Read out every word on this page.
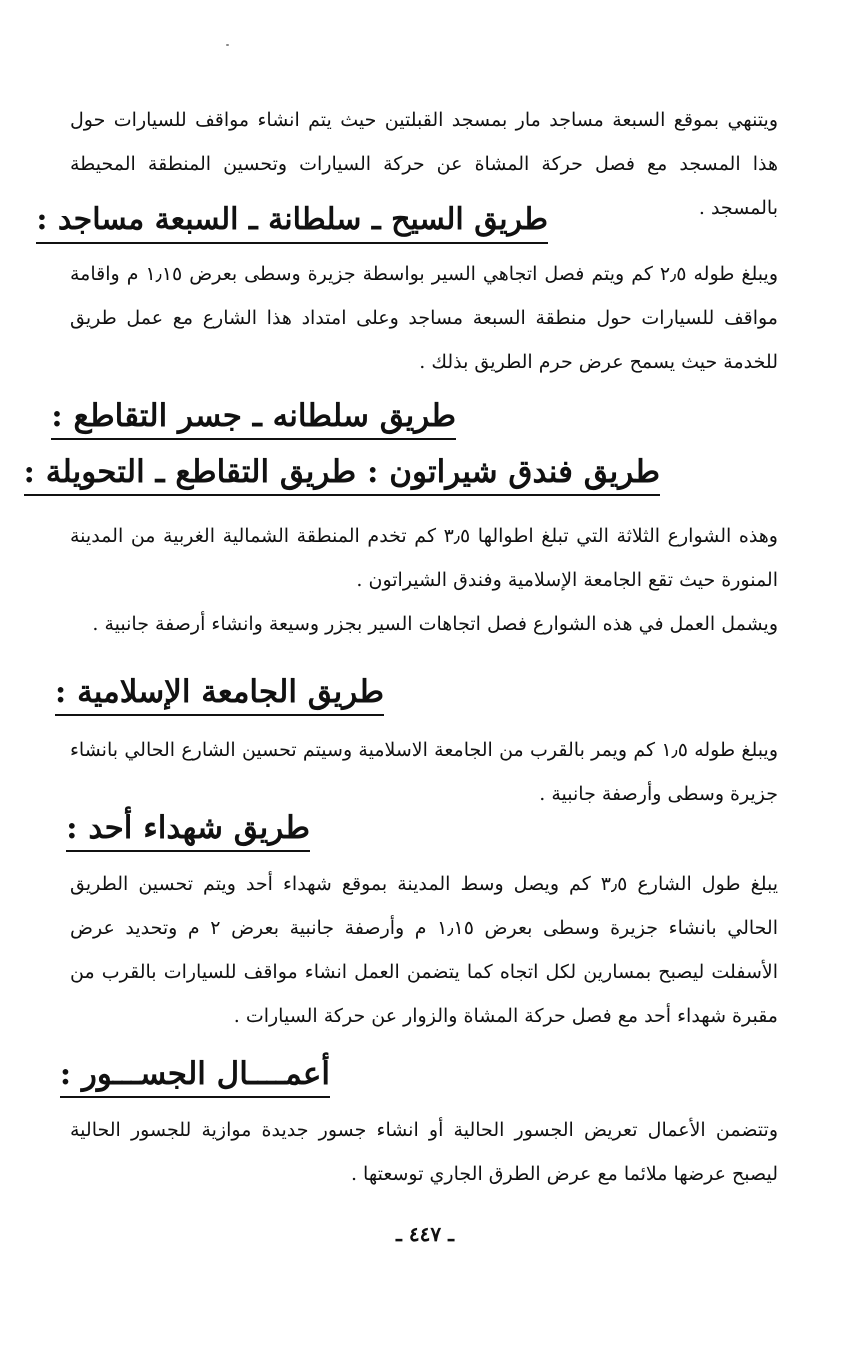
ويتنهي بموقع السبعة مساجد مار بمسجد القبلتين حيث يتم انشاء مواقف للسيارات حول هذا المسجد مع فصل حركة المشاة عن حركة السيارات وتحسين المنطقة المحيطة بالمسجد .

طريق السيح ـ سلطانة ـ السبعة مساجد :

ويبلغ طوله ٢٫٥ كم ويتم فصل اتجاهي السير بواسطة جزيرة وسطى بعرض ١٫١٥ م واقامة مواقف للسيارات حول منطقة السبعة مساجد وعلى امتداد هذا الشارع مع عمل طريق للخدمة حيث يسمح عرض حرم الطريق بذلك .

طريق سلطانه ـ جسر التقاطع :
طريق فندق شيراتون : طريق التقاطع ـ التحويلة :

وهذه الشوارع الثلاثة التي تبلغ اطوالها ٣٫٥ كم تخدم المنطقة الشمالية الغربية من المدينة المنورة حيث تقع الجامعة الإسلامية وفندق الشيراتون .

ويشمل العمل في هذه الشوارع فصل اتجاهات السير بجزر وسيعة وانشاء أرصفة جانبية .

طريق الجامعة الإسلامية :

ويبلغ طوله ١٫٥ كم ويمر بالقرب من الجامعة الاسلامية وسيتم تحسين الشارع الحالي بانشاء جزيرة وسطى وأرصفة جانبية .

طريق شهداء أحد :

يبلغ طول الشارع ٣٫٥ كم ويصل وسط المدينة بموقع شهداء أحد ويتم تحسين الطريق الحالي بانشاء جزيرة وسطى بعرض ١٫١٥ م وأرصفة جانبية بعرض ٢ م وتحديد عرض الأسفلت ليصبح بمسارين لكل اتجاه كما يتضمن العمل انشاء مواقف للسيارات بالقرب من مقبرة شهداء أحد مع فصل حركة المشاة والزوار عن حركة السيارات .

أعمــــال الجســـور :

وتتضمن الأعمال تعريض الجسور الحالية أو انشاء جسور جديدة موازية للجسور الحالية ليصبح عرضها ملائما مع عرض الطرق الجاري توسعتها .

ـ ٤٤٧ ـ
